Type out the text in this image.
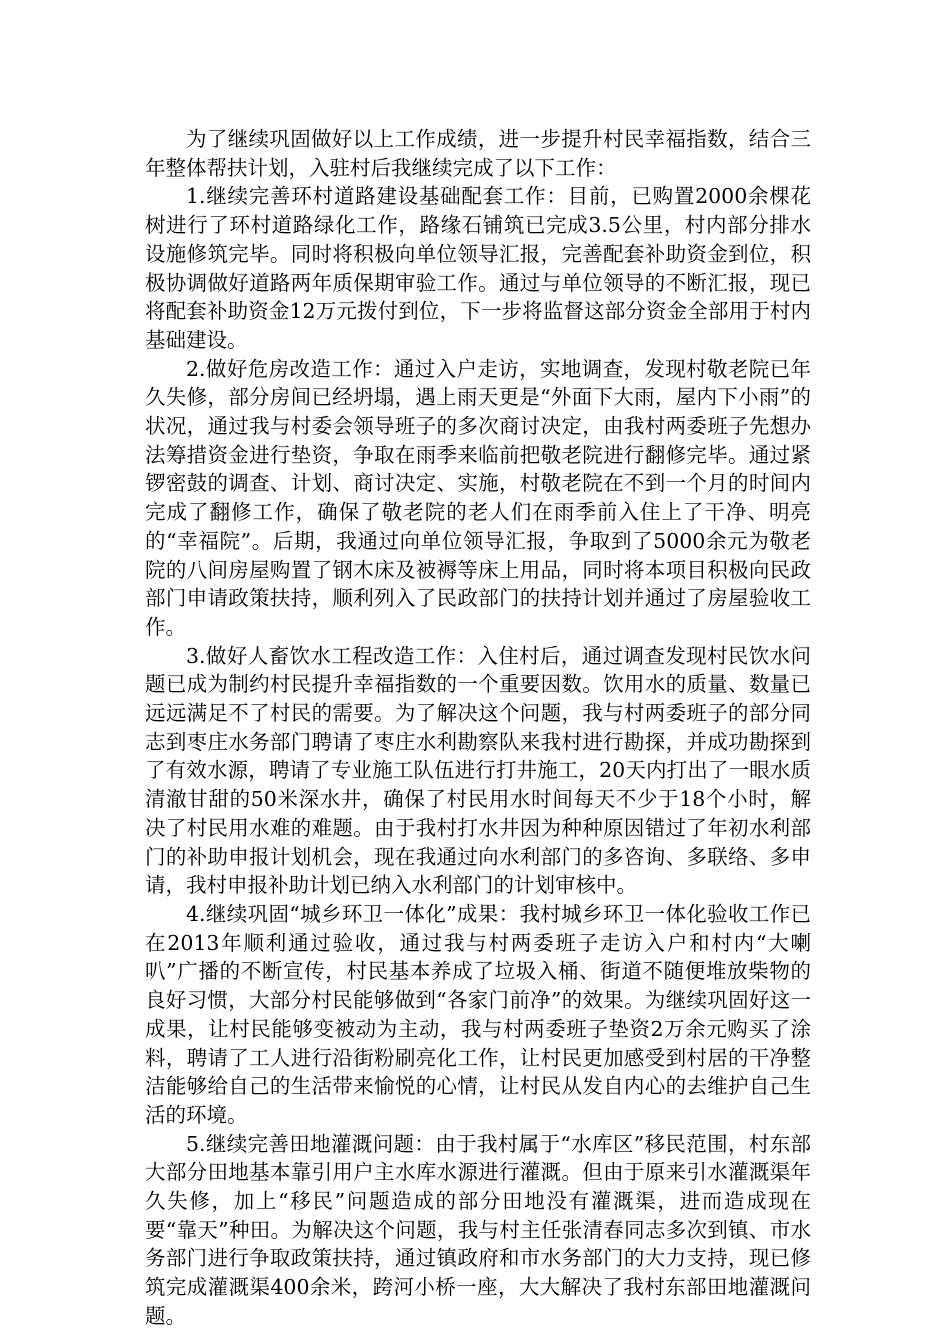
为了继续巩固做好以上工作成绩，进一步提升村民幸福指数，结合三年整体帮扶计划，入驻村后我继续完成了以下工作：

1.继续完善环村道路建设基础配套工作：目前，已购置2000余棵花树进行了环村道路绿化工作，路缘石铺筑已完成3.5公里，村内部分排水设施修筑完毕。同时将积极向单位领导汇报，完善配套补助资金到位，积极协调做好道路两年质保期审验工作。通过与单位领导的不断汇报，现已将配套补助资金12万元拨付到位，下一步将监督这部分资金全部用于村内基础建设。

2.做好危房改造工作：通过入户走访，实地调查，发现村敬老院已年久失修，部分房间已经坍塌，遇上雨天更是“外面下大雨，屋内下小雨”的状况，通过我与村委会领导班子的多次商讨决定，由我村两委班子先想办法筹措资金进行垫资，争取在雨季来临前把敬老院进行翻修完毕。通过紧锣密鼓的调查、计划、商讨决定、实施，村敬老院在不到一个月的时间内完成了翻修工作，确保了敬老院的老人们在雨季前入住上了干净、明亮的“幸福院”。后期，我通过向单位领导汇报，争取到了5000余元为敬老院的八间房屋购置了钢木床及被褥等床上用品，同时将本项目积极向民政部门申请政策扶持，顺利列入了民政部门的扶持计划并通过了房屋验收工作。

3.做好人畜饮水工程改造工作：入住村后，通过调查发现村民饮水问题已成为制约村民提升幸福指数的一个重要因数。饮用水的质量、数量已远远满足不了村民的需要。为了解决这个问题，我与村两委班子的部分同志到枣庄水务部门聘请了枣庄水利勘察队来我村进行勘探，并成功勘探到了有效水源，聘请了专业施工队伍进行打井施工，20天内打出了一眼水质清澈甘甜的50米深水井，确保了村民用水时间每天不少于18个小时，解决了村民用水难的难题。由于我村打水井因为种种原因错过了年初水利部门的补助申报计划机会，现在我通过向水利部门的多咨询、多联络、多申请，我村申报补助计划已纳入水利部门的计划审核中。

4.继续巩固“城乡环卫一体化”成果：我村城乡环卫一体化验收工作已在2013年顺利通过验收，通过我与村两委班子走访入户和村内“大喇叭”广播的不断宣传，村民基本养成了垃圾入桶、街道不随便堆放柴物的良好习惯，大部分村民能够做到“各家门前净”的效果。为继续巩固好这一成果，让村民能够变被动为主动，我与村两委班子垫资2万余元购买了涂料，聘请了工人进行沿街粉刷亮化工作，让村民更加感受到村居的干净整洁能够给自己的生活带来愉悦的心情，让村民从发自内心的去维护自己生活的环境。

5.继续完善田地灌溉问题：由于我村属于“水库区”移民范围，村东部大部分田地基本靠引用户主水库水源进行灌溉。但由于原来引水灌溉渠年久失修，加上“移民”问题造成的部分田地没有灌溉渠，进而造成现在要“靠天”种田。为解决这个问题，我与村主任张清春同志多次到镇、市水务部门进行争取政策扶持，通过镇政府和市水务部门的大力支持，现已修筑完成灌溉渠400余米，跨河小桥一座，大大解决了我村东部田地灌溉问题。
